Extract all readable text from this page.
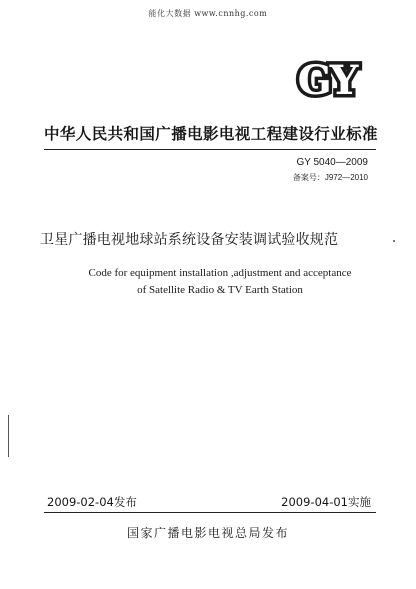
能化大数据 www.cnnhg.com
GY
中华人民共和国广播电影电视工程建设行业标准
GY 5040—2009
备案号：J972—2010
卫星广播电视地球站系统设备安装调试验收规范
Code for equipment installation ,adjustment and acceptance
of Satellite Radio & TV Earth Station
2009-02-04发布	2009-04-01实施
国家广播电影电视总局发布
